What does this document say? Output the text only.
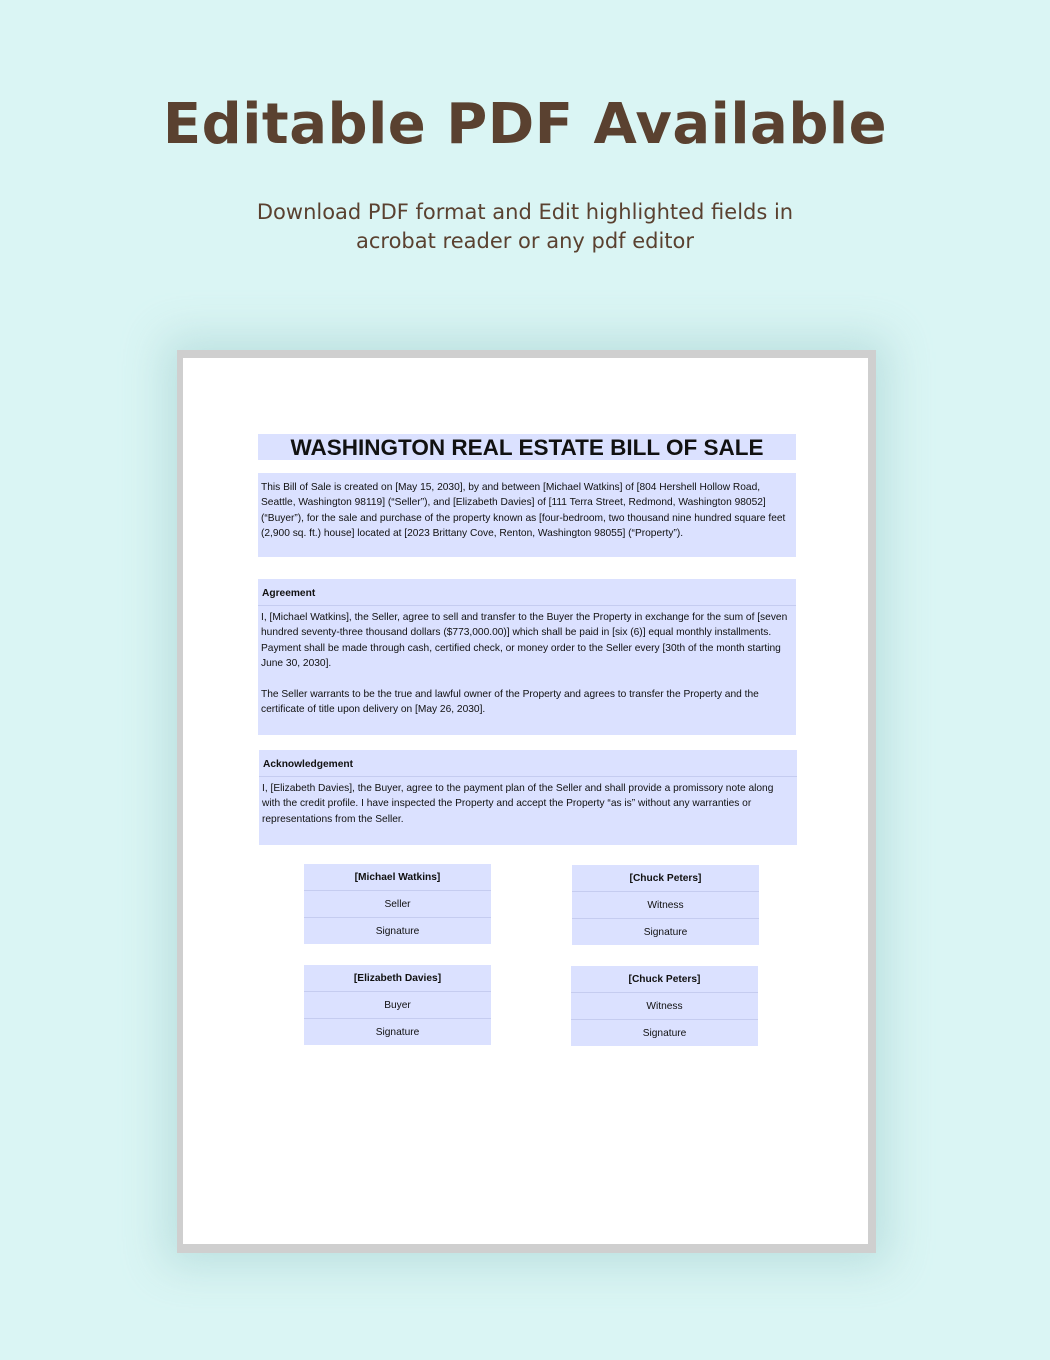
Editable PDF Available
Download PDF format and Edit highlighted fields in acrobat reader or any pdf editor
WASHINGTON REAL ESTATE BILL OF SALE

This Bill of Sale is created on [May 15, 2030], by and between [Michael Watkins] of [804 Hershell Hollow Road, Seattle, Washington 98119] (“Seller”), and [Elizabeth Davies] of [111 Terra Street, Redmond, Washington 98052] (“Buyer”), for the sale and purchase of the property known as [four-bedroom, two thousand nine hundred square feet (2,900 sq. ft.) house] located at [2023 Brittany Cove, Renton, Washington 98055] (“Property”).

Agreement

I, [Michael Watkins], the Seller, agree to sell and transfer to the Buyer the Property in exchange for the sum of [seven hundred seventy-three thousand dollars ($773,000.00)] which shall be paid in [six (6)] equal monthly installments. Payment shall be made through cash, certified check, or money order to the Seller every [30th of the month starting June 30, 2030].

The Seller warrants to be the true and lawful owner of the Property and agrees to transfer the Property and the certificate of title upon delivery on [May 26, 2030].

Acknowledgement

I, [Elizabeth Davies], the Buyer, agree to the payment plan of the Seller and shall provide a promissory note along with the credit profile. I have inspected the Property and accept the Property “as is” without any warranties or representations from the Seller.

[Michael Watkins]
Seller
Signature
[Chuck Peters]
Witness
Signature
[Elizabeth Davies]
Buyer
Signature
[Chuck Peters]
Witness
Signature
